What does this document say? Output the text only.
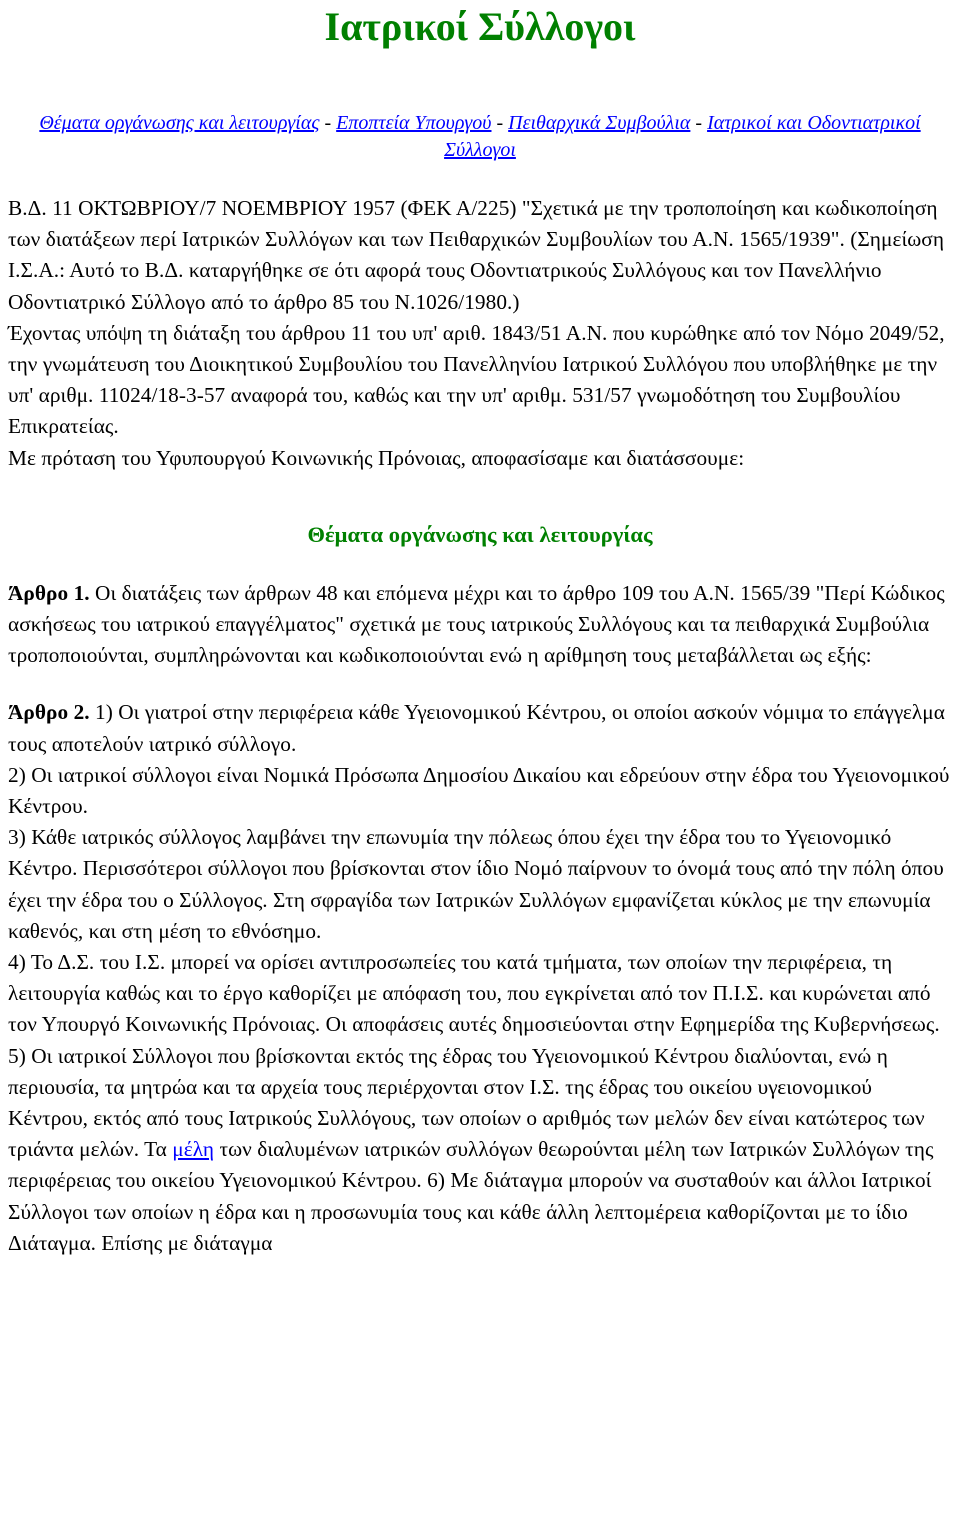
Ιατρικοί Σύλλογοι
Θέματα οργάνωσης και λειτουργίας - Εποπτεία Υπουργού - Πειθαρχικά Συμβούλια - Ιατρικοί και Οδοντιατρικοί Σύλλογοι

Β.Δ. 11 ΟΚΤΩΒΡΙΟΥ/7 ΝΟΕΜΒΡΙΟΥ 1957 (ΦΕΚ Α/225) "Σχετικά με την τροποποίηση και κωδικοποίηση των διατάξεων περί Ιατρικών Συλλόγων και των Πειθαρχικών Συμβουλίων του Α.Ν. 1565/1939". (Σημείωση Ι.Σ.Α.: Αυτό το Β.Δ. καταργήθηκε σε ότι αφορά τους Οδοντιατρικούς Συλλόγους και τον Πανελλήνιο Οδοντιατρικό Σύλλογο από το άρθρο 85 του Ν.1026/1980.)

Έχοντας υπόψη τη διάταξη του άρθρου 11 του υπ' αριθ. 1843/51 Α.Ν. που κυρώθηκε από τον Νόμο 2049/52, την γνωμάτευση του Διοικητικού Συμβουλίου του Πανελληνίου Ιατρικού Συλλόγου που υποβλήθηκε με την υπ' αριθμ. 11024/18-3-57 αναφορά του, καθώς και την υπ' αριθμ. 531/57 γνωμοδότηση του Συμβουλίου Επικρατείας.

Με πρόταση του Υφυπουργού Κοινωνικής Πρόνοιας, αποφασίσαμε και διατάσσουμε:

Θέματα οργάνωσης και λειτουργίας

Άρθρο 1. Οι διατάξεις των άρθρων 48 και επόμενα μέχρι και το άρθρο 109 του Α.Ν. 1565/39 "Περί Κώδικος ασκήσεως του ιατρικού επαγγέλματος" σχετικά με τους ιατρικούς Συλλόγους και τα πειθαρχικά Συμβούλια τροποποιούνται, συμπληρώνονται και κωδικοποιούνται ενώ η αρίθμηση τους μεταβάλλεται ως εξής:

Άρθρο 2. 1) Οι γιατροί στην περιφέρεια κάθε Υγειονομικού Κέντρου, οι οποίοι ασκούν νόμιμα το επάγγελμα τους αποτελούν ιατρικό σύλλογο.

2) Οι ιατρικοί σύλλογοι είναι Νομικά Πρόσωπα Δημοσίου Δικαίου και εδρεύουν στην έδρα του Υγειονομικού Κέντρου.

3) Κάθε ιατρικός σύλλογος λαμβάνει την επωνυμία την πόλεως όπου έχει την έδρα του το Υγειονομικό Κέντρο. Περισσότεροι σύλλογοι που βρίσκονται στον ίδιο Νομό παίρνουν το όνομά τους από την πόλη όπου έχει την έδρα του ο Σύλλογος. Στη σφραγίδα των Ιατρικών Συλλόγων εμφανίζεται κύκλος με την επωνυμία καθενός, και στη μέση το εθνόσημο.

4) Το Δ.Σ. του Ι.Σ. μπορεί να ορίσει αντιπροσωπείες του κατά τμήματα, των οποίων την περιφέρεια, τη λειτουργία καθώς και το έργο καθορίζει με απόφαση του, που εγκρίνεται από τον Π.Ι.Σ. και κυρώνεται από τον Υπουργό Κοινωνικής Πρόνοιας. Οι αποφάσεις αυτές δημοσιεύονται στην Εφημερίδα της Κυβερνήσεως.

5) Οι ιατρικοί Σύλλογοι που βρίσκονται εκτός της έδρας του Υγειονομικού Κέντρου διαλύονται, ενώ η περιουσία, τα μητρώα και τα αρχεία τους περιέρχονται στον Ι.Σ. της έδρας του οικείου υγειονομικού Κέντρου, εκτός από τους Ιατρικούς Συλλόγους, των οποίων ο αριθμός των μελών δεν είναι κατώτερος των τριάντα μελών. Τα μέλη των διαλυμένων ιατρικών συλλόγων θεωρούνται μέλη των Ιατρικών Συλλόγων της περιφέρειας του οικείου Υγειονομικού Κέντρου. 6) Με διάταγμα μπορούν να συσταθούν και άλλοι Ιατρικοί Σύλλογοι των οποίων η έδρα και η προσωνυμία τους και κάθε άλλη λεπτομέρεια καθορίζονται με το ίδιο Διάταγμα. Επίσης με διάταγμα
